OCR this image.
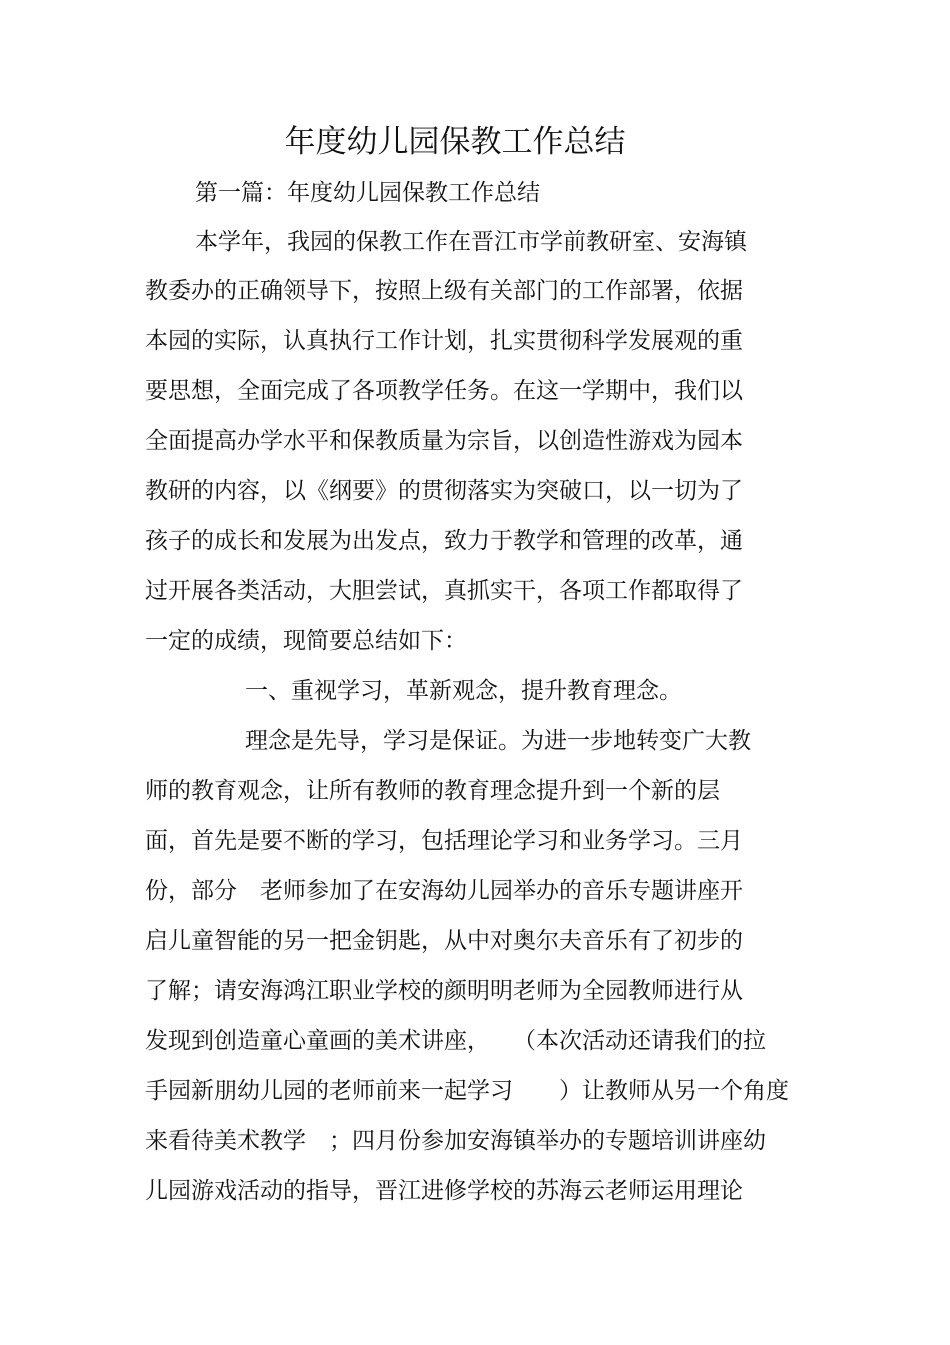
年度幼儿园保教工作总结
第一篇：年度幼儿园保教工作总结
本学年，我园的保教工作在晋江市学前教研室、安海镇
教委办的正确领导下，按照上级有关部门的工作部署，依据
本园的实际，认真执行工作计划，扎实贯彻科学发展观的重
要思想，全面完成了各项教学任务。在这一学期中，我们以
全面提高办学水平和保教质量为宗旨，以创造性游戏为园本
教研的内容，以《纲要》的贯彻落实为突破口，以一切为了
孩子的成长和发展为出发点，致力于教学和管理的改革，通
过开展各类活动，大胆尝试，真抓实干，各项工作都取得了
一定的成绩，现简要总结如下：
一、重视学习，革新观念，提升教育理念。
理念是先导，学习是保证。为进一步地转变广大教
师的教育观念，让所有教师的教育理念提升到一个新的层
面，首先是要不断的学习，包括理论学习和业务学习。三月
份，部分　老师参加了在安海幼儿园举办的音乐专题讲座开
启儿童智能的另一把金钥匙，从中对奥尔夫音乐有了初步的
了解；请安海鸿江职业学校的颜明明老师为全园教师进行从
发现到创造童心童画的美术讲座，　　（本次活动还请我们的拉
手园新朋幼儿园的老师前来一起学习　　）让教师从另一个角度
来看待美术教学　；四月份参加安海镇举办的专题培训讲座幼
儿园游戏活动的指导，晋江进修学校的苏海云老师运用理论
